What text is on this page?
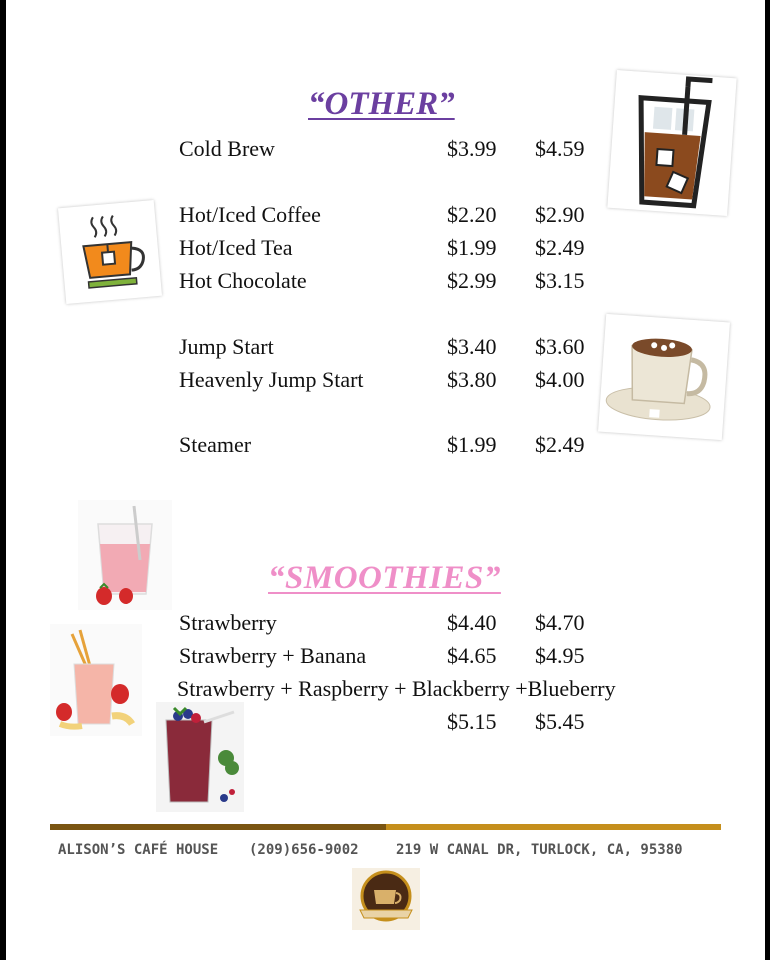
“OTHER”
Cold Brew	$3.99 $4.59
Hot/Iced Coffee	$2.20 $2.90
Hot/Iced Tea	$1.99 $2.49
Hot Chocolate	$2.99 $3.15
Jump Start	$3.40 $3.60
Heavenly Jump Start	$3.80 $4.00
Steamer	$1.99 $2.49
“SMOOTHIES”
Strawberry	$4.40 $4.70
Strawberry + Banana	$4.65 $4.95
Strawberry + Raspberry + Blackberry +Blueberry
$5.15 $5.45
ALISON’S CAFÉ HOUSE (209)656-9002	219 W CANAL DR, TURLOCK, CA, 95380
